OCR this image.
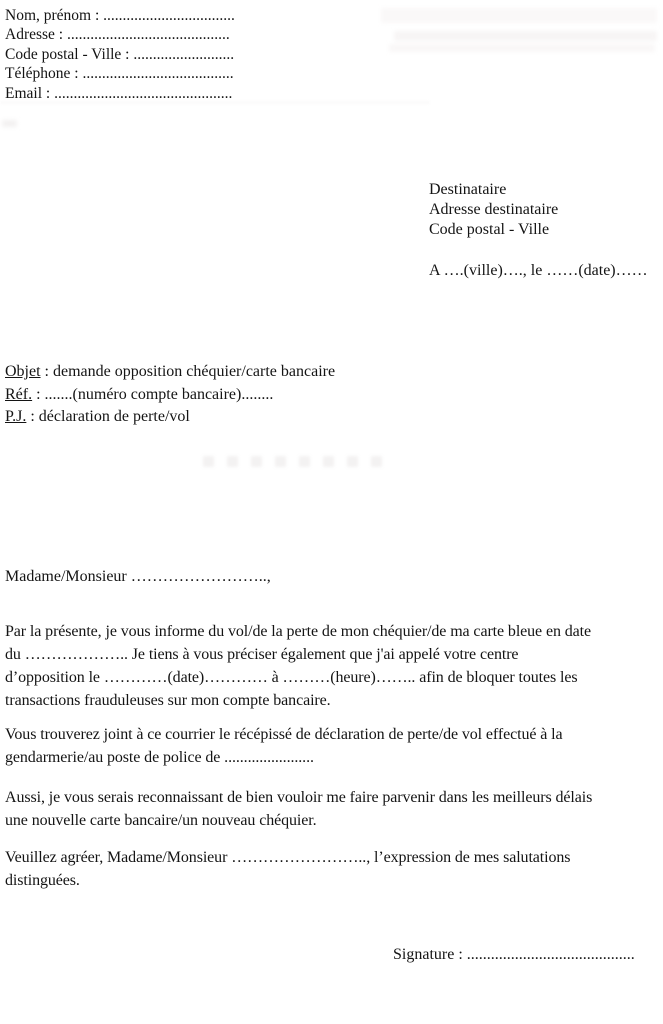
Nom, prénom : ..................................
Adresse : ..........................................
Code postal - Ville : ..........................
Téléphone : .......................................
Email : ..............................................
Destinataire
Adresse destinataire
Code postal - Ville
A ….(ville)…., le ……(date)……
Objet : demande opposition chéquier/carte bancaire
Réf. : .......(numéro compte bancaire)........
P.J. : déclaration de perte/vol
Madame/Monsieur ……………………..,
Par la présente, je vous informe du vol/de la perte de mon chéquier/de ma carte bleue en date
du ……………….. Je tiens à vous préciser également que j'ai appelé votre centre
d’opposition le …………(date)………… à ………(heure)…….. afin de bloquer toutes les
transactions frauduleuses sur mon compte bancaire.
Vous trouverez joint à ce courrier le récépissé de déclaration de perte/de vol effectué à la
gendarmerie/au poste de police de .......................
Aussi, je vous serais reconnaissant de bien vouloir me faire parvenir dans les meilleurs délais
une nouvelle carte bancaire/un nouveau chéquier.
Veuillez agréer, Madame/Monsieur …………………….., l’expression de mes salutations
distinguées.
Signature : ..........................................
